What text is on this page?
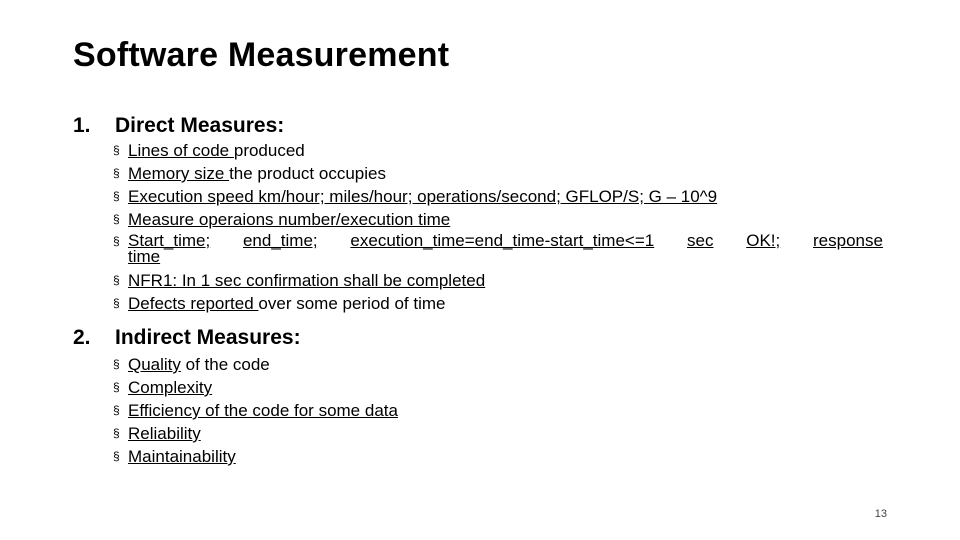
Software Measurement
1. Direct Measures:
§ Lines of code produced
§ Memory size the product occupies
§ Execution speed km/hour; miles/hour; operations/second; GFLOP/S; G – 10^9
§ Measure operaions number/execution time
§ Start_time; end_time; execution_time=end_time-start_time<=1 sec OK!; response
time
§ NFR1: In 1 sec confirmation shall be completed
§ Defects reported over some period of time
2. Indirect Measures:
§ Quality of the code
§ Complexity
§ Efficiency of the code for some data
§ Reliability
§ Maintainability
13
